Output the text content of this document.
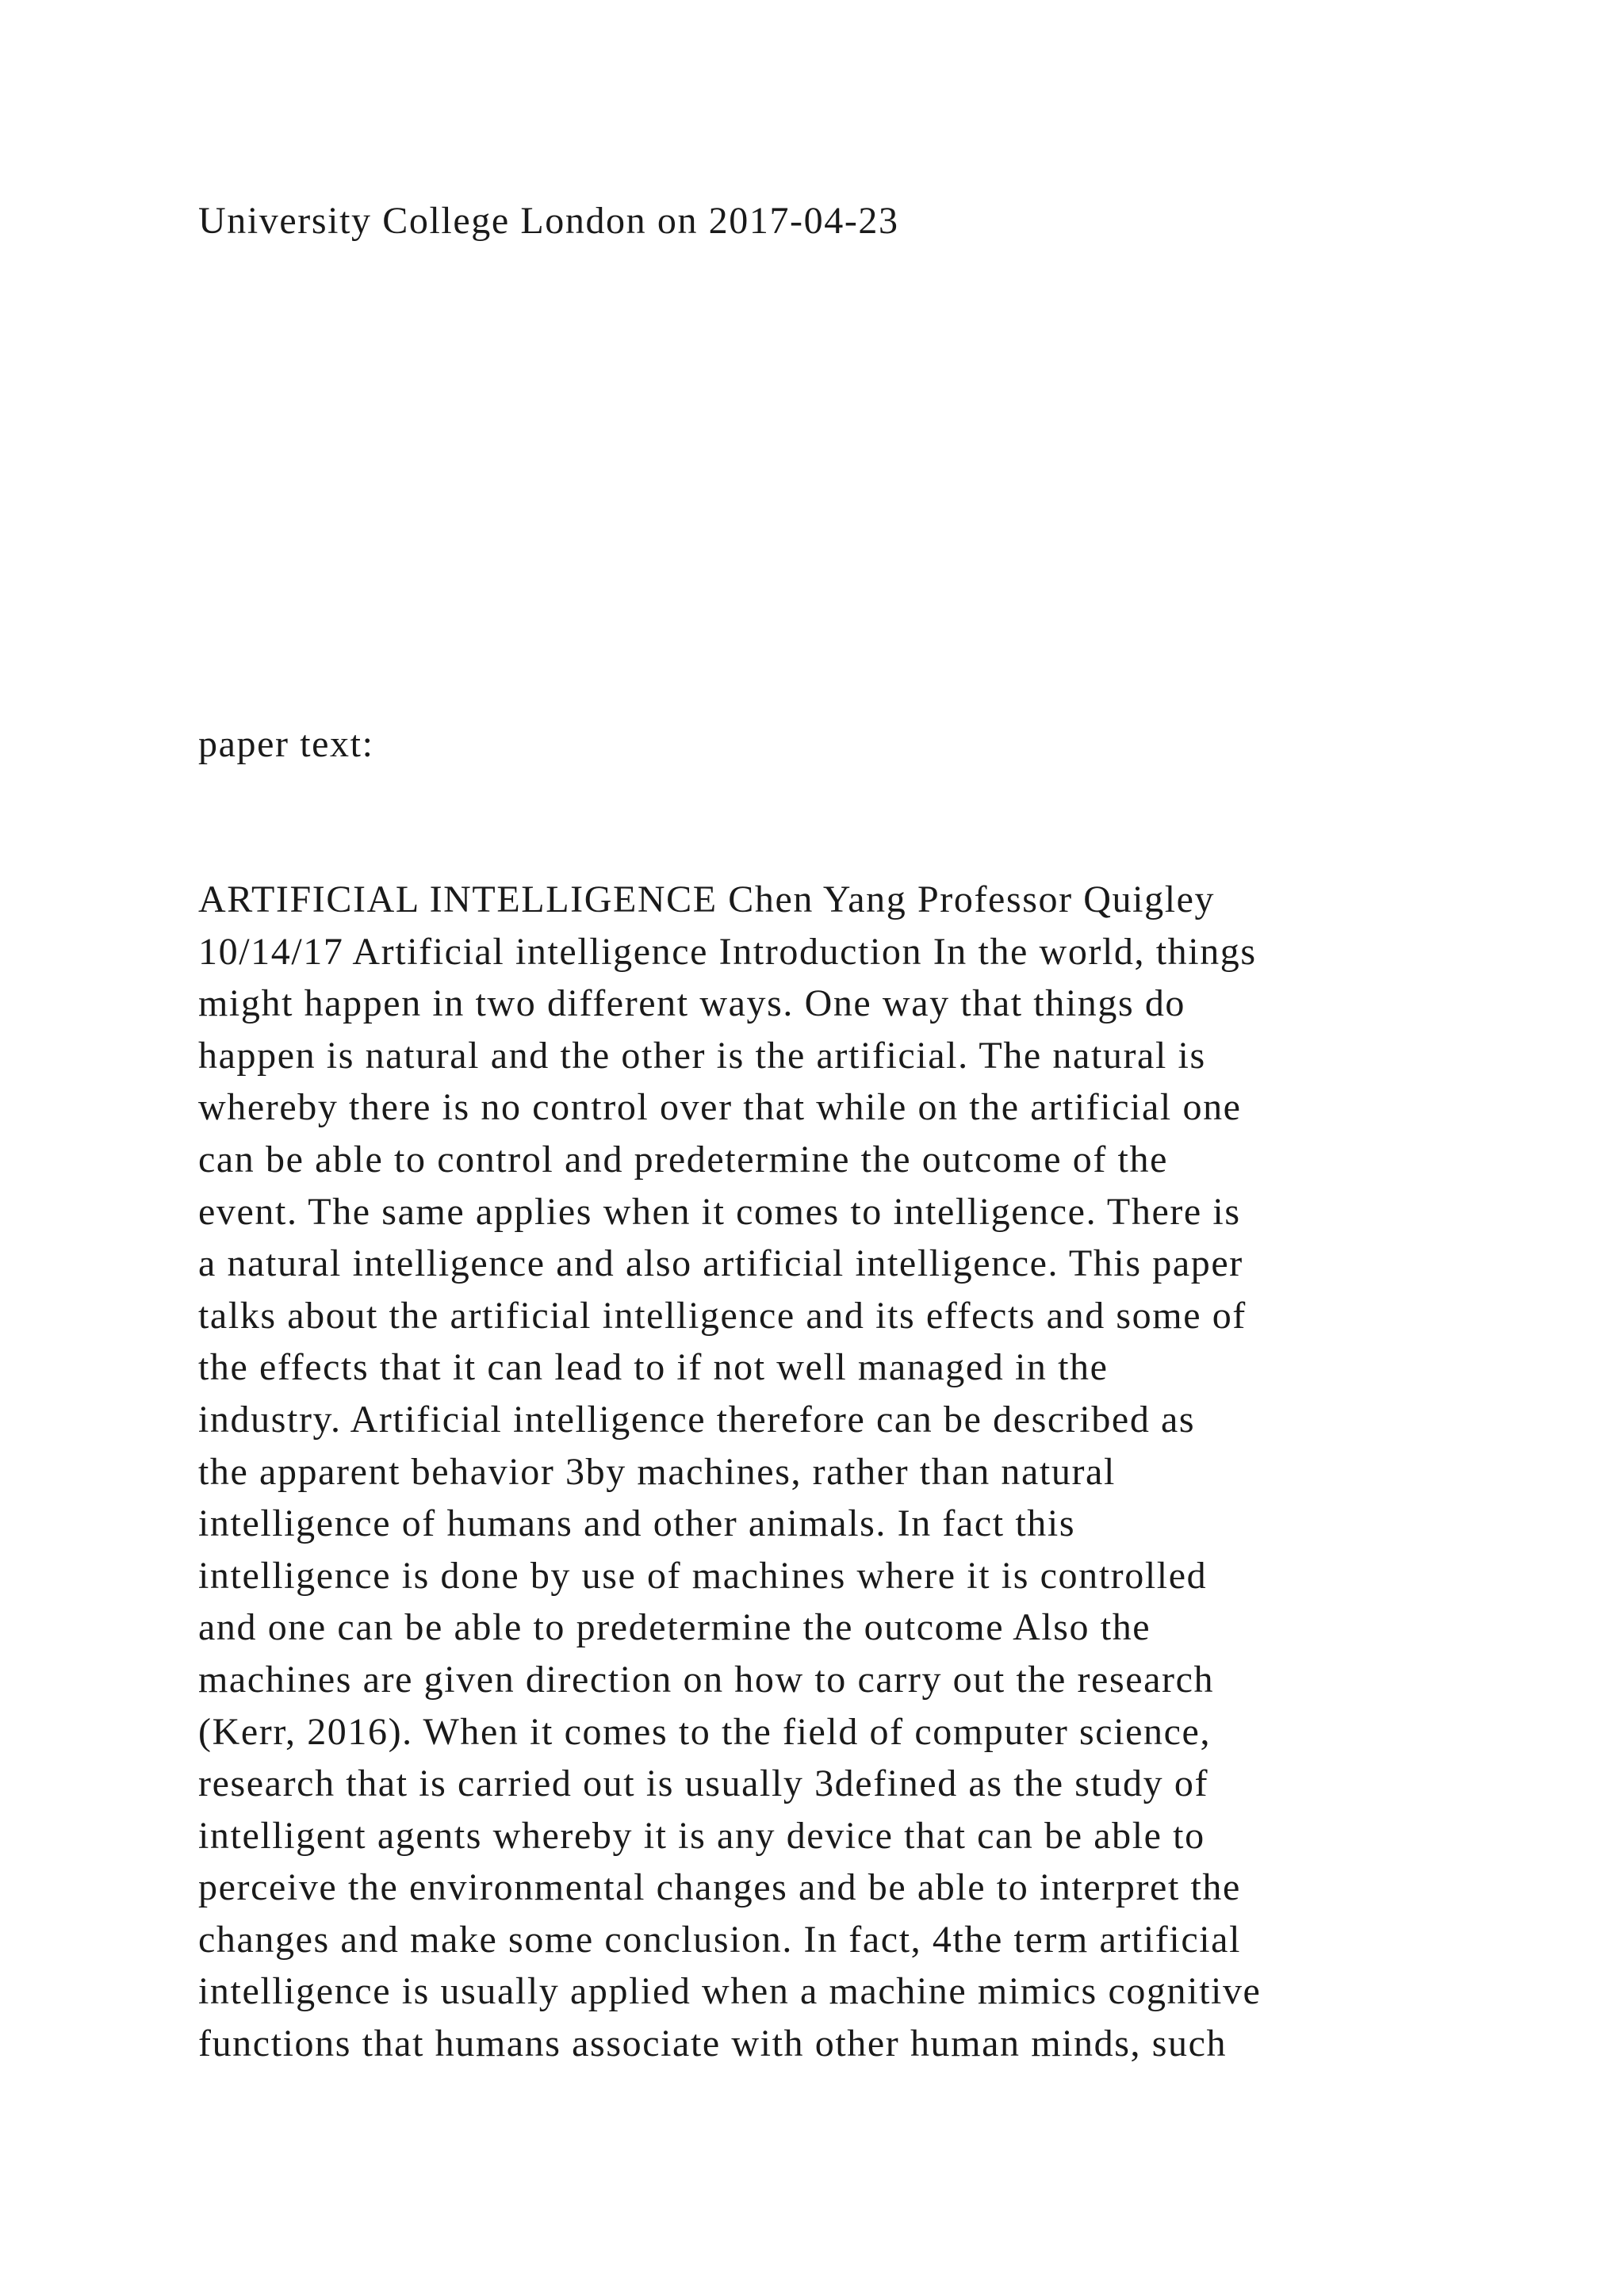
University College London on 2017-04-23

paper text:

ARTIFICIAL INTELLIGENCE Chen Yang Professor Quigley
10/14/17 Artificial intelligence Introduction In the world, things
might happen in two different ways. One way that things do
happen is natural and the other is the artificial. The natural is
whereby there is no control over that while on the artificial one
can be able to control and predetermine the outcome of the
event. The same applies when it comes to intelligence. There is
a natural intelligence and also artificial intelligence. This paper
talks about the artificial intelligence and its effects and some of
the effects that it can lead to if not well managed in the
industry. Artificial intelligence therefore can be described as
the apparent behavior 3by machines, rather than natural
intelligence of humans and other animals. In fact this
intelligence is done by use of machines where it is controlled
and one can be able to predetermine the outcome Also the
machines are given direction on how to carry out the research
(Kerr, 2016). When it comes to the field of computer science,
research that is carried out is usually 3defined as the study of
intelligent agents whereby it is any device that can be able to
perceive the environmental changes and be able to interpret the
changes and make some conclusion. In fact, 4the term artificial
intelligence is usually applied when a machine mimics cognitive
functions that humans associate with other human minds, such
